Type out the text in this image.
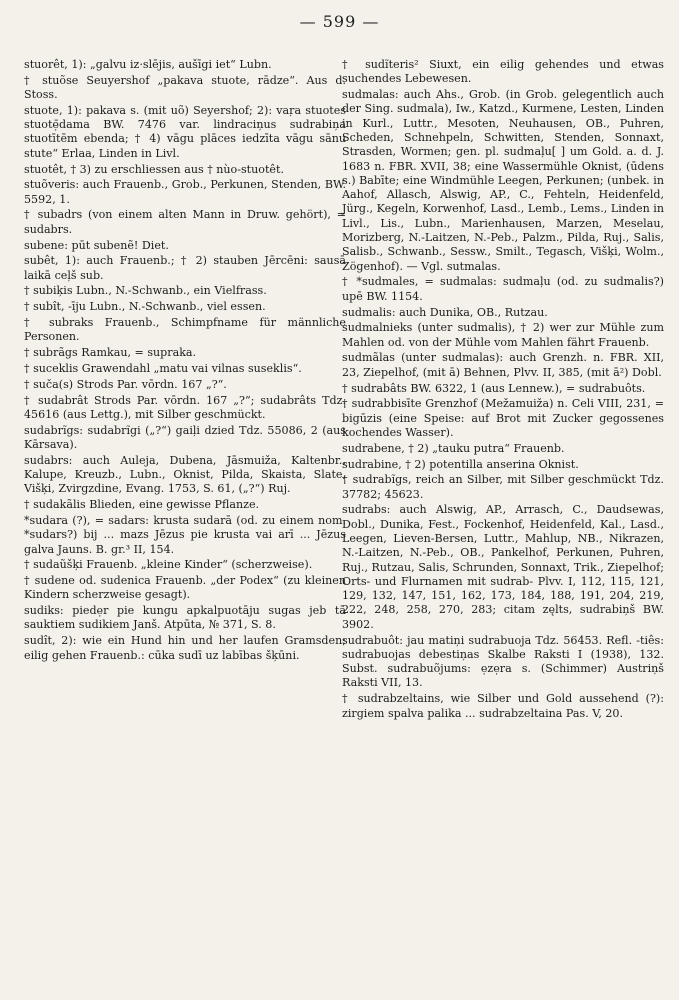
— 599 —

stuorêt, 1): „galvu iz·slējis, aušīgi iet“ Lubn.

† stuõse Seuyershof „pakava stuote, rādze“. Aus d. Stoss.

stuote, 1): pakava s. (mit uõ) Seyershof; 2): vaŗa stuotes stuotẹ̄dama BW. 7476 var. lindraciņus sudrabiņa stuotītēm ebenda; † 4) vāgu plāces iedzīta vāgu sānu stute“ Erlaa, Linden in Livl.

stuotêt, † 3) zu erschliessen aus † nùo-stuotêt.

stuõveris: auch Frauenb., Grob., Perkunen, Stenden, BW. 5592, 1.

† subadrs (von einem alten Mann in Druw. gehört), = sudabrs.

subene: pūt subenẽ! Diet.

subêt, 1): auch Frauenb.; † 2) stauben Jērcēni: sausā laikā ceļš sub.

† subiķis Lubn., N.-Schwanb., ein Vielfrass.

† subît, -īju Lubn., N.-Schwanb., viel essen.

† subraks Frauenb., Schimpfname für männliche Personen.

† subrãgs Ramkau, = supraka.

† suceklis Grawendahl „matu vai vilnas suseklis“.

† suča(s) Strods Par. vōrdn. 167 „?“.

† sudabrât Strods Par. vōrdn. 167 „?“; sudabrâts Tdz. 45616 (aus Lettg.), mit Silber geschmückt.

sudabrĩgs: sudabrĩgi („?“) gaiļi dzied Tdz. 55086, 2 (aus Kārsava).

sudabrs: auch Auleja, Dubena, Jāsmuiža, Kaltenbr., Kalupe, Kreuzb., Lubn., Oknist, Pilda, Skaista, Slate, Višķi, Zvirgzdine, Evang. 1753, S. 61, („?“) Ruj.

† sudakãlis Blieden, eine gewisse Pflanze.

*sudara (?), = sadars: krusta sudarā (od. zu einem nom. *sudars?) bij ... mazs Jēzus pie krusta vai arī ... Jēzus galva Jauns. B. gr.³ II, 154.

† sudaũšķi Frauenb. „kleine Kinder“ (scherzweise).

† sudene od. sudenica Frauenb. „der Podex“ (zu kleinen Kindern scherzweise gesagt).

sudiks: piedẹr pie kungu apkalpuotāju sugas jeb tā sauktiem sudikiem Janš. Atpūta, № 371, S. 8.

sudît, 2): wie ein Hund hin und her laufen Gramsden; eilig gehen Frauenb.: cūka sudī uz labības šķūni.

† sudĩteris² Siuxt, ein eilig gehendes und etwas suchendes Lebewesen.

sudmalas: auch Ahs., Grob. (in Grob. gelegentlich auch der Sing. sudmala), Iw., Katzd., Kurmene, Lesten, Linden in Kurl., Luttr., Mesoten, Neuhausen, OB., Puhren, Scheden, Schnehpeln, Schwitten, Stenden, Sonnaxt, Strasden, Wormen; gen. pl. sudmaļu[ ] um Gold. a. d. J. 1683 n. FBR. XVII, 38; eine Wassermühle Oknist, (ūdens s.) Babīte; eine Windmühle Leegen, Perkunen; (unbek. in Aahof, Allasch, Alswig, AP., C., Fehteln, Heidenfeld, Jürg., Kegeln, Korwenhof, Lasd., Lemb., Lems., Linden in Livl., Lis., Lubn., Marienhausen, Marzen, Meselau, Morizberg, N.-Laitzen, N.-Peb., Palzm., Pilda, Ruj., Salis, Salisb., Schwanb., Sessw., Smilt., Tegasch, Višķi, Wolm., Zögenhof). — Vgl. sutmalas.

† *sudmales, = sudmalas: sudmaļu (od. zu sudmalis?) upē BW. 1154.

sudmalis: auch Dunika, OB., Rutzau.

sudmalnieks (unter sudmalis), † 2) wer zur Mühle zum Mahlen od. von der Mühle vom Mahlen fährt Frauenb.

sudmãlas (unter sudmalas): auch Grenzh. n. FBR. XII, 23, Ziepelhof, (mit ā) Behnen, Plvv. II, 385, (mit ā²) Dobl.

† sudrabâts BW. 6322, 1 (aus Lennew.), = sudrabuôts.

† sudrabbisīte Grenzhof (Mežamuiža) n. Celi VIII, 231, = bigūzis (eine Speise: auf Brot mit Zucker gegossenes kochendes Wasser).

sudrabene, † 2) „tauku putra“ Frauenb.

sudrabine, † 2) potentilla anserina Oknist.

† sudrabĩgs, reich an Silber, mit Silber geschmückt Tdz. 37782; 45623.

sudrabs: auch Alswig, AP., Arrasch, C., Daudsewas, Dobl., Dunika, Fest., Fockenhof, Heidenfeld, Kal., Lasd., Leegen, Lieven-Bersen, Luttr., Mahlup, NB., Nikrazen, N.-Laitzen, N.-Peb., OB., Pankelhof, Perkunen, Puhren, Ruj., Rutzau, Salis, Schrunden, Sonnaxt, Trik., Ziepelhof; Orts- und Flurnamen mit sudrab- Plvv. I, 112, 115, 121, 129, 132, 147, 151, 162, 173, 184, 188, 191, 204, 219, 222, 248, 258, 270, 283; citam zęlts, sudrabiņš BW. 3902.

sudrabuôt: jau matiņi sudrabuoja Tdz. 56453. Refl. -tiês: sudrabuojas debestiņas Skalbe Raksti I (1938), 132. Subst. sudrabuõjums: ẹzẹra s. (Schimmer) Austriņš Raksti VII, 13.

† sudrabzeltains, wie Silber und Gold aussehend (?): zirgiem spalva palika ... sudrabzeltaina Pas. V, 20.
